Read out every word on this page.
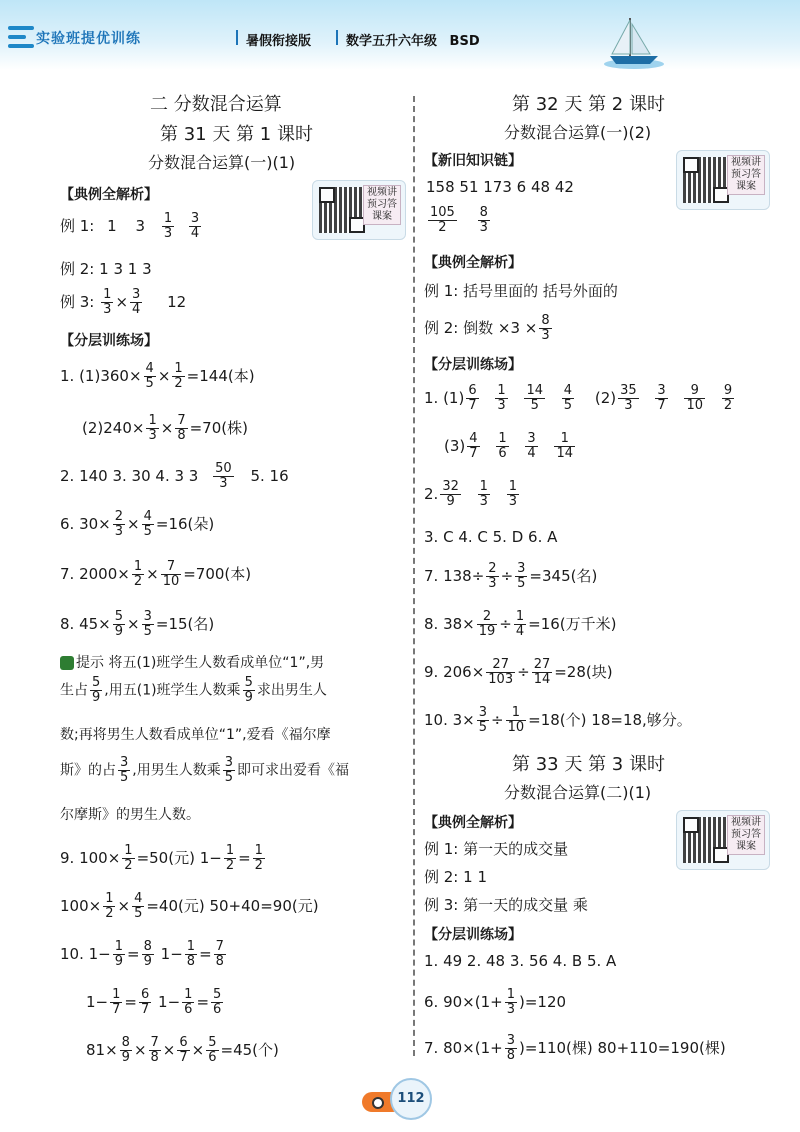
实验班提优训练	暑假衔接版	数学五升六年级 BSD
二 分数混合运算
第 31 天 第 1 课时
分数混合运算(一)(1)
视频讲预习答课案
【典例全解析】
例 1: 1 $3 \frac{1}{3}$
$\frac{3}{4}$
例 2: 1 3 1 3
例 3: $\frac{1}{3} \times \frac{3}{4} 12$
【分层训练场】
1. $(1)360\times \frac{4}{5} \times \frac{1}{2} =144$(本)
$(2)240\times \frac{1}{3} \times \frac{7}{8} =70$(株)
2. 140 3. 30 4. 3 $3 \frac{50}{3} 5$. 16
6. $30\times \frac{2}{3} \times \frac{4}{5} =16$(朵)
7. $2000\times \frac{1}{2} \times \frac{7}{10} =700$(本)
8. $45\times \frac{5}{9} \times \frac{3}{5} =15$(名)
提示 将五(1)班学生人数看成单位“1”,男
生占 $\frac{5}{9}$ ,用五(1)班学生人数乘 $\frac{5}{9}$ 求出男生人
数;再将男生人数看成单位“1”,爱看《福尔摩
斯》的占 $\frac{3}{5}$ ,用男生人数乘 $\frac{3}{5}$ 即可求出爱看《福
尔摩斯》的男生人数。
9. $100\times \frac{1}{2} =50$(元) $1- \frac{1}{2} = \frac{1}{2}$
$100\times \frac{1}{2} \times \frac{4}{5} =40$(元) 50+40=90(元)
10. $1- \frac{1}{9} = \frac{8}{9} 1- \frac{1}{8} = \frac{7}{8}$
$1- \frac{1}{7} = \frac{6}{7} 1- \frac{1}{6} = \frac{5}{6}$
$81\times \frac{8}{9} \times \frac{7}{8} \times \frac{6}{7} \times \frac{5}{6} =45$(个)
第 32 天 第 2 课时
分数混合运算(一)(2)
视频讲预习答课案
【新旧知识链】
158 51 173 6 48 42
$\frac{105}{2}$
$\frac{8}{3}$
【典例全解析】
例 1: 括号里面的 括号外面的
例 2: 倒数 $\times 3 \times \frac{8}{3}$
【分层训练场】
1. $(1) \frac{6}{7}$
$\frac{1}{3}$
$\frac{14}{5}$
$\frac{4}{5} (2) \frac{35}{3}$
$\frac{3}{7}$
$\frac{9}{10}$
$\frac{9}{2}$
$(3) \frac{4}{7}$
$\frac{1}{6}$
$\frac{3}{4}$
$\frac{1}{14}$
2. $\frac{32}{9}$
$\frac{1}{3}$
$\frac{1}{3}$
3. C 4. C 5. D 6. A
7. $138\div \frac{2}{3} \div \frac{3}{5} =345$(名)
8. $38\times \frac{2}{19} \div \frac{1}{4} =16$(万千米)
9. $206\times \frac{27}{103} \div \frac{27}{14} =28$(块)
10. $3\times \frac{3}{5} \div \frac{1}{10} =18$(个) 18=18,够分。
第 33 天 第 3 课时
分数混合运算(二)(1)
视频讲预习答课案
【典例全解析】
例 1: 第一天的成交量
例 2: 1 1
例 3: 第一天的成交量 乘
【分层训练场】
1. 49 2. 48 3. 56 4. B 5. A
6. $90\times(1+ \frac{1}{3} )=120$
7. $80\times(1+ \frac{3}{8} )=110$(棵) 80+110=190(棵)
112
